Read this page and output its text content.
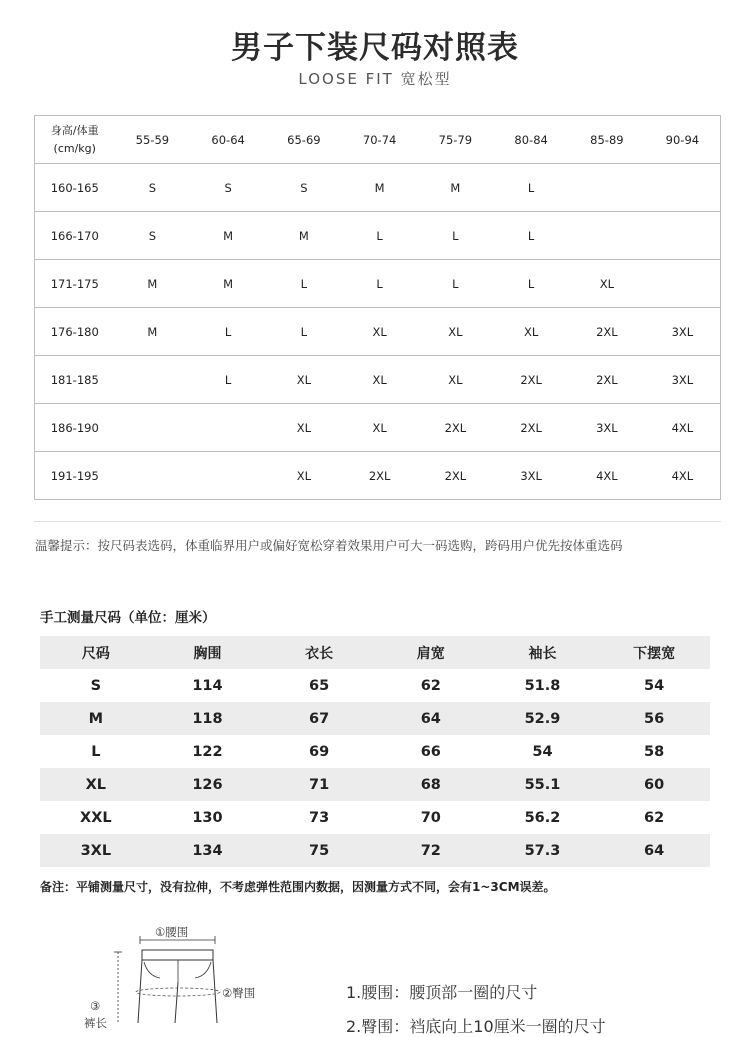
男子下装尺码对照表
LOOSE FIT 宽松型
身高/体重
(cm/kg)	55-59	60-64	65-69	70-74	75-79	80-84	85-89	90-94
160-165	S	S	S	M	M	L		
166-170	S	M	M	L	L	L		
171-175	M	M	L	L	L	L	XL	
176-180	M	L	L	XL	XL	XL	2XL	3XL
181-185		L	XL	XL	XL	2XL	2XL	3XL
186-190			XL	XL	2XL	2XL	3XL	4XL
191-195			XL	2XL	2XL	3XL	4XL	4XL
温馨提示：按尺码表选码，体重临界用户或偏好宽松穿着效果用户可大一码选购，跨码用户优先按体重选码
手工测量尺码（单位：厘米）
尺码	胸围	衣长	肩宽	袖长	下摆宽
S	114	65	62	51.8	54
M	118	67	64	52.9	56
L	122	69	66	54	58
XL	126	71	68	55.1	60
XXL	130	73	70	56.2	62
3XL	134	75	72	57.3	64
备注：平铺测量尺寸，没有拉伸，不考虑弹性范围内数据，因测量方式不同，会有1~3CM误差。
①腰围
②臀围
③
裤长
1.腰围：腰顶部一圈的尺寸
2.臀围：裆底向上10厘米一圈的尺寸
